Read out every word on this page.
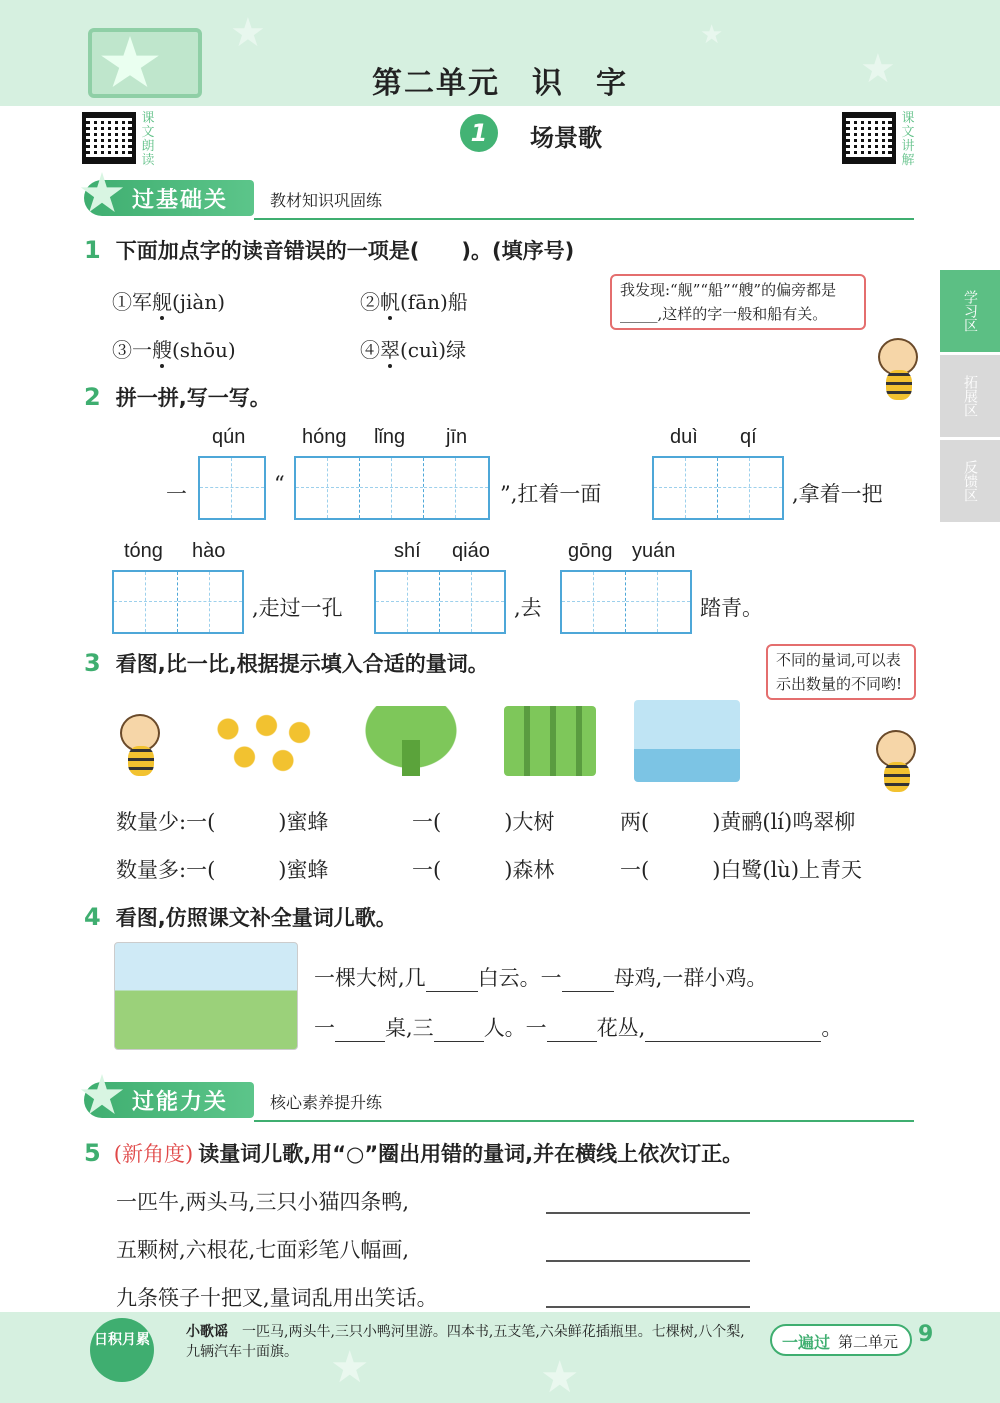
★
★
★
第二单元　识　字
课文朗读
课文讲解
1	场景歌
学习区
拓展区
反馈区
过基础关	教材知识巩固练
1 下面加点字的读音错误的一项是(　　)。(填序号)
①军舰(jiàn)	②帆(fān)船
③一艘(shōu)	④翠(cuì)绿
我发现:“舰”“船”“艘”的偏旁都是_____,这样的字一般和船有关。
2 拼一拼,写一写。
qún	hóng lǐng jīn	duì qí
一	“	”,扛着一面	,拿着一把
tóng hào	shí qiáo	gōng yuán
,走过一孔	,去	踏青。
3 看图,比一比,根据提示填入合适的量词。	不同的量词,可以表示出数量的不同哟!
数量少:一(　　　)蜜蜂	一(　　　)大树	两(　　　)黄鹂(lí)鸣翠柳
数量多:一(　　　)蜜蜂	一(　　　)森林	一(　　　)白鹭(lù)上青天
4 看图,仿照课文补全量词儿歌。
一棵大树,几 白云。一 母鸡,一群小鸡。
一 桌,三 人。一 花丛,	。
过能力关	核心素养提升练
5 (新角度) 读量词儿歌,用“○”圈出用错的量词,并在横线上依次订正。
一匹牛,两头马,三只小猫四条鸭,
五颗树,六根花,七面彩笔八幅画,
九条筷子十把叉,量词乱用出笑话。
★	★
日积月累	小歌谣 一匹马,两头牛,三只小鸭河里游。四本书,五支笔,六朵鲜花插瓶里。七棵树,八个梨,九辆汽车十面旗。	一遍过 第二单元 9
